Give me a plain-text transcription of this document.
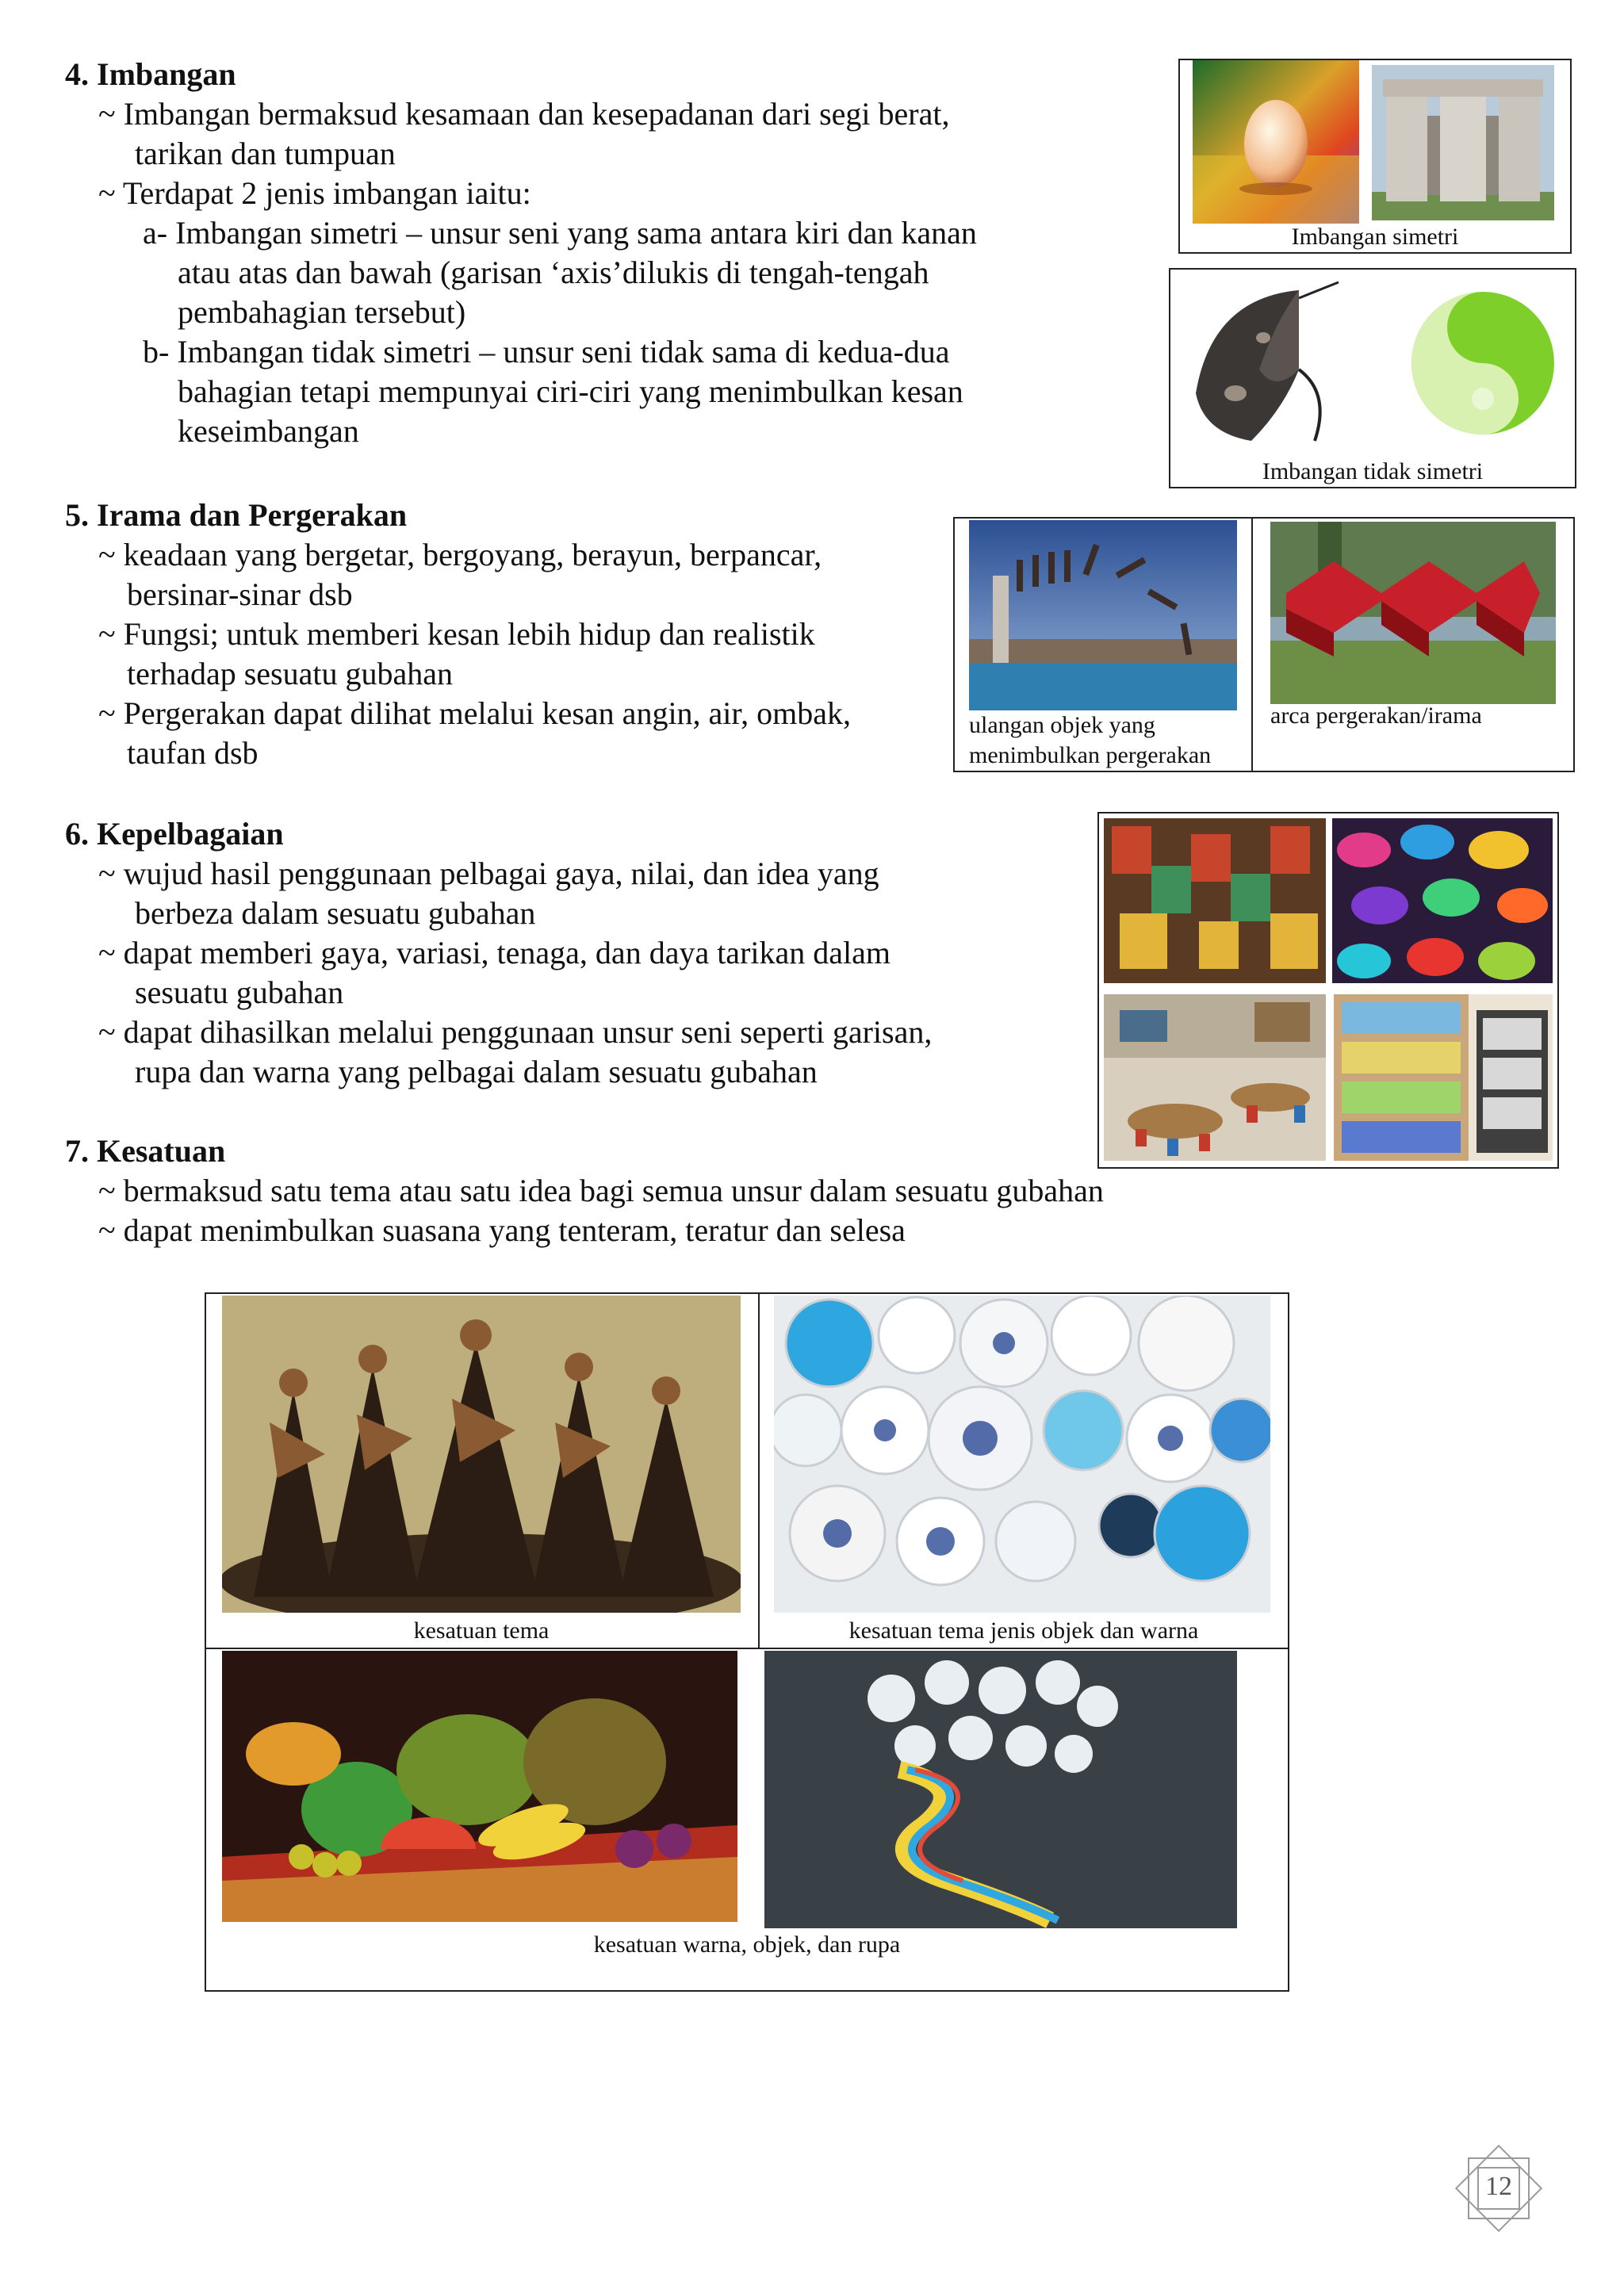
4. Imbangan
~ Imbangan bermaksud kesamaan dan kesepadanan dari segi berat,
tarikan dan tumpuan
~ Terdapat 2 jenis imbangan iaitu:
a- Imbangan simetri – unsur seni yang sama antara kiri dan kanan
atau atas dan bawah (garisan ‘axis’dilukis di tengah-tengah
pembahagian tersebut)
b- Imbangan tidak simetri – unsur seni tidak sama di kedua-dua
bahagian tetapi mempunyai ciri-ciri yang menimbulkan kesan
keseimbangan
Imbangan simetri
Imbangan tidak simetri
5. Irama dan Pergerakan
~ keadaan yang bergetar, bergoyang, berayun, berpancar,
bersinar-sinar dsb
~ Fungsi; untuk memberi kesan lebih hidup dan realistik
terhadap sesuatu gubahan
~ Pergerakan dapat dilihat melalui kesan angin, air, ombak,
taufan dsb
ulangan objek yang
menimbulkan pergerakan
arca pergerakan/irama
6. Kepelbagaian
~ wujud hasil penggunaan pelbagai gaya, nilai, dan idea yang
berbeza dalam sesuatu gubahan
~ dapat memberi gaya, variasi, tenaga, dan daya tarikan dalam
sesuatu gubahan
~ dapat dihasilkan melalui penggunaan unsur seni seperti garisan,
rupa dan warna yang pelbagai dalam sesuatu gubahan
7. Kesatuan
~ bermaksud satu tema atau satu idea bagi semua unsur dalam sesuatu gubahan
~ dapat menimbulkan suasana yang tenteram, teratur dan selesa
kesatuan tema	kesatuan tema jenis objek dan warna
kesatuan warna, objek, dan rupa
12
